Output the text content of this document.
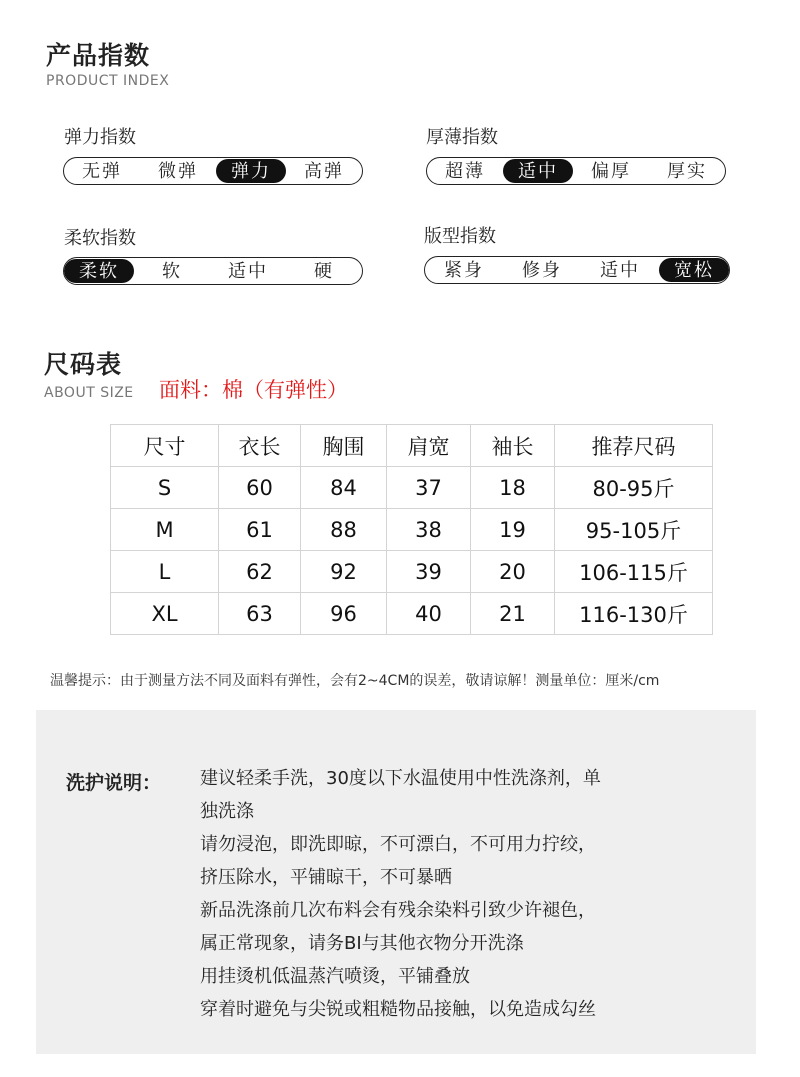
产品指数
PRODUCT INDEX
弹力指数
无弹	微弹	弹力	高弹
厚薄指数
超薄	适中	偏厚	厚实
柔软指数
柔软	软	适中	硬
版型指数
紧身	修身	适中	宽松
尺码表
ABOUT SIZE 面料：棉（有弹性）
尺寸	衣长	胸围	肩宽	袖长	推荐尺码
S	60	84	37	18	80-95斤
M	61	88	38	19	95-105斤
L	62	92	39	20	106-115斤
XL	63	96	40	21	116-130斤
温馨提示：由于测量方法不同及面料有弹性，会有2~4CM的误差，敬请谅解！测量单位：厘米/cm
洗护说明： 建议轻柔手洗，30度以下水温使用中性洗涤剂，单
独洗涤
请勿浸泡，即洗即晾，不可漂白，不可用力拧绞，
挤压除水，平铺晾干，不可暴晒
新品洗涤前几次布料会有残余染料引致少许褪色，
属正常现象，请务BI与其他衣物分开洗涤
用挂烫机低温蒸汽喷烫，平铺叠放
穿着时避免与尖锐或粗糙物品接触，以免造成勾丝
